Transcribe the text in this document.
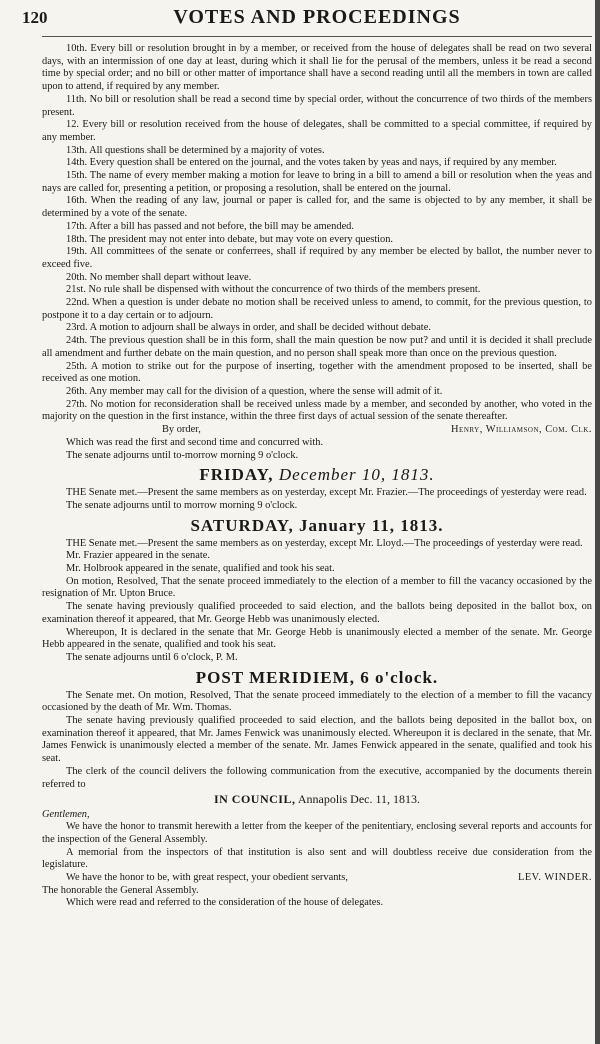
120	VOTES AND PROCEEDINGS

10th. Every bill or resolution brought in by a member, or received from the house of delegates shall be read on two several days, with an intermission of one day at least, during which it shall lie for the perusal of the members, unless it be read a second time by special order; and no bill or other matter of importance shall have a second reading until all the members in town are called upon to attend, if required by any member.

11th. No bill or resolution shall be read a second time by special order, without the concurrence of two thirds of the members present.

12. Every bill or resolution received from the house of delegates, shall be committed to a special committee, if required by any member.

13th. All questions shall be determined by a majority of votes.

14th. Every question shall be entered on the journal, and the votes taken by yeas and nays, if required by any member.

15th. The name of every member making a motion for leave to bring in a bill to amend a bill or resolution when the yeas and nays are called for, presenting a petition, or proposing a resolution, shall be entered on the journal.

16th. When the reading of any law, journal or paper is called for, and the same is objected to by any member, it shall be determined by a vote of the senate.

17th. After a bill has passed and not before, the bill may be amended.

18th. The president may not enter into debate, but may vote on every question.

19th. All committees of the senate or conferrees, shall if required by any member be elected by ballot, the number never to exceed five.

20th. No member shall depart without leave.

21st. No rule shall be dispensed with without the concurrence of two thirds of the members present.

22nd. When a question is under debate no motion shall be received unless to amend, to commit, for the previous question, to postpone it to a day certain or to adjourn.

23rd. A motion to adjourn shall be always in order, and shall be decided without debate.

24th. The previous question shall be in this form, shall the main question be now put? and until it is decided it shall preclude all amendment and further debate on the main question, and no person shall speak more than once on the previous question.

25th. A motion to strike out for the purpose of inserting, together with the amendment proposed to be inserted, shall be received as one motion.

26th. Any member may call for the division of a question, where the sense will admit of it.

27th. No motion for reconsideration shall be received unless made by a member, and seconded by another, who voted in the majority on the question in the first instance, within the three first days of actual session of the senate thereafter.

By order,	Henry, Williamson, Com. Clk.

Which was read the first and second time and concurred with.

The senate adjourns until to-morrow morning 9 o'clock.

FRIDAY, December 10, 1813.

THE Senate met.—Present the same members as on yesterday, except Mr. Frazier.—The proceedings of yesterday were read.

The senate adjourns until to morrow morning 9 o'clock.

SATURDAY, January 11, 1813.

THE Senate met.—Present the same members as on yesterday, except Mr. Lloyd.—The proceedings of yesterday were read.

Mr. Frazier appeared in the senate.

Mr. Holbrook appeared in the senate, qualified and took his seat.

On motion, Resolved, That the senate proceed immediately to the election of a member to fill the vacancy occasioned by the resignation of Mr. Upton Bruce.

The senate having previously qualified proceeded to said election, and the ballots being deposited in the ballot box, on examination thereof it appeared, that Mr. George Hebb was unanimously elected.

Whereupon, It is declared in the senate that Mr. George Hebb is unanimously elected a member of the senate. Mr. George Hebb appeared in the senate, qualified and took his seat.

The senate adjourns until 6 o'clock, P. M.

POST MERIDIEM, 6 o'clock.

The Senate met. On motion, Resolved, That the senate proceed immediately to the election of a member to fill the vacancy occasioned by the death of Mr. Wm. Thomas.

The senate having previously qualified proceeded to said election, and the ballots being deposited in the ballot box, on examination thereof it appeared, that Mr. James Fenwick was unanimously elected. Whereupon it is declared in the senate, that Mr. James Fenwick is unanimously elected a member of the senate. Mr. James Fenwick appeared in the senate, qualified and took his seat.

The clerk of the council delivers the following communication from the executive, accompanied by the documents therein referred to

IN COUNCIL, Annapolis Dec. 11, 1813.
Gentlemen,

We have the honor to transmit herewith a letter from the keeper of the penitentiary, enclosing several reports and accounts for the inspection of the General Assembly.

A memorial from the inspectors of that institution is also sent and will doubtless receive due consideration from the legislature.

We have the honor to be, with great respect, your obedient servants,	LEV. WINDER.

The honorable the General Assembly.

Which were read and referred to the consideration of the house of delegates.
